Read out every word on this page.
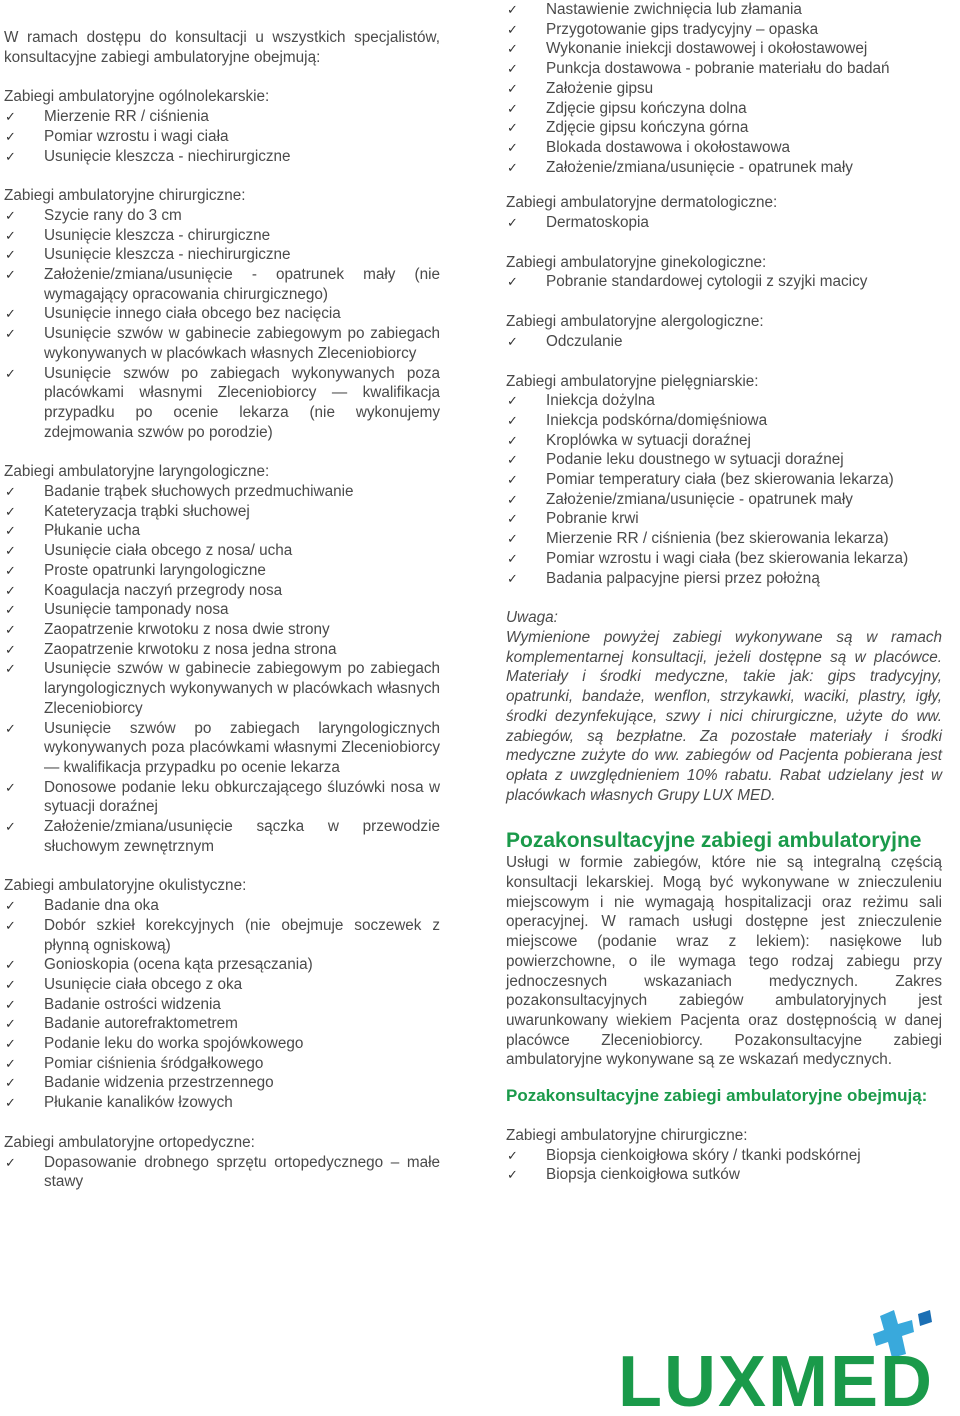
W ramach dostępu do konsultacji u wszystkich specjalistów, konsultacyjne zabiegi ambulatoryjne obejmują:

Zabiegi ambulatoryjne ogólnolekarskie:
✓ Mierzenie RR / ciśnienia
✓ Pomiar wzrostu i wagi ciała
✓ Usunięcie kleszcza - niechirurgiczne
Zabiegi ambulatoryjne chirurgiczne:
✓ Szycie rany do 3 cm
✓ Usunięcie kleszcza - chirurgiczne
✓ Usunięcie kleszcza - niechirurgiczne
✓ Założenie/zmiana/usunięcie - opatrunek mały (nie wymagający opracowania chirurgicznego)
✓ Usunięcie innego ciała obcego bez nacięcia
✓ Usunięcie szwów w gabinecie zabiegowym po zabiegach wykonywanych w placówkach własnych Zleceniobiorcy
✓ Usunięcie szwów po zabiegach wykonywanych poza placówkami własnymi Zleceniobiorcy — kwalifikacja przypadku po ocenie lekarza (nie wykonujemy zdejmowania szwów po porodzie)
Zabiegi ambulatoryjne laryngologiczne:
✓ Badanie trąbek słuchowych przedmuchiwanie
✓ Kateteryzacja trąbki słuchowej
✓ Płukanie ucha
✓ Usunięcie ciała obcego z nosa/ ucha
✓ Proste opatrunki laryngologiczne
✓ Koagulacja naczyń przegrody nosa
✓ Usunięcie tamponady nosa
✓ Zaopatrzenie krwotoku z nosa dwie strony
✓ Zaopatrzenie krwotoku z nosa jedna strona
✓ Usunięcie szwów w gabinecie zabiegowym po zabiegach laryngologicznych wykonywanych w placówkach własnych Zleceniobiorcy
✓ Usunięcie szwów po zabiegach laryngologicznych wykonywanych poza placówkami własnymi Zleceniobiorcy — kwalifikacja przypadku po ocenie lekarza
✓ Donosowe podanie leku obkurczającego śluzówki nosa w sytuacji doraźnej
✓ Założenie/zmiana/usunięcie sączka w przewodzie słuchowym zewnętrznym
Zabiegi ambulatoryjne okulistyczne:
✓ Badanie dna oka
✓ Dobór szkieł korekcyjnych (nie obejmuje soczewek z płynną ogniskową)
✓ Gonioskopia (ocena kąta przesączania)
✓ Usunięcie ciała obcego z oka
✓ Badanie ostrości widzenia
✓ Badanie autorefraktometrem
✓ Podanie leku do worka spojówkowego
✓ Pomiar ciśnienia śródgałkowego
✓ Badanie widzenia przestrzennego
✓ Płukanie kanalików łzowych
Zabiegi ambulatoryjne ortopedyczne:
✓ Dopasowanie drobnego sprzętu ortopedycznego – małe stawy
✓ Nastawienie zwichnięcia lub złamania
✓ Przygotowanie gips tradycyjny – opaska
✓ Wykonanie iniekcji dostawowej i okołostawowej
✓ Punkcja dostawowa - pobranie materiału do badań
✓ Założenie gipsu
✓ Zdjęcie gipsu kończyna dolna
✓ Zdjęcie gipsu kończyna górna
✓ Blokada dostawowa i okołostawowa
✓ Założenie/zmiana/usunięcie - opatrunek mały
Zabiegi ambulatoryjne dermatologiczne:
✓ Dermatoskopia
Zabiegi ambulatoryjne ginekologiczne:
✓ Pobranie standardowej cytologii z szyjki macicy
Zabiegi ambulatoryjne alergologiczne:
✓ Odczulanie
Zabiegi ambulatoryjne pielęgniarskie:
✓ Iniekcja dożylna
✓ Iniekcja podskórna/domięśniowa
✓ Kroplówka w sytuacji doraźnej
✓ Podanie leku doustnego w sytuacji doraźnej
✓ Pomiar temperatury ciała (bez skierowania lekarza)
✓ Założenie/zmiana/usunięcie - opatrunek mały
✓ Pobranie krwi
✓ Mierzenie RR / ciśnienia (bez skierowania lekarza)
✓ Pomiar wzrostu i wagi ciała (bez skierowania lekarza)
✓ Badania palpacyjne piersi przez położną
Uwaga:
Wymienione powyżej zabiegi wykonywane są w ramach komplementarnej konsultacji, jeżeli dostępne są w placówce. Materiały i środki medyczne, takie jak: gips tradycyjny, opatrunki, bandaże, wenflon, strzykawki, waciki, plastry, igły, środki dezynfekujące, szwy i nici chirurgiczne, użyte do ww. zabiegów, są bezpłatne. Za pozostałe materiały i środki medyczne zużyte do ww. zabiegów od Pacjenta pobierana jest opłata z uwzględnieniem 10% rabatu. Rabat udzielany jest w placówkach własnych Grupy LUX MED.
Pozakonsultacyjne zabiegi ambulatoryjne

Usługi w formie zabiegów, które nie są integralną częścią konsultacji lekarskiej. Mogą być wykonywane w znieczuleniu miejscowym i nie wymagają hospitalizacji oraz reżimu sali operacyjnej. W ramach usługi dostępne jest znieczulenie miejscowe (podanie wraz z lekiem): nasiękowe lub powierzchowne, o ile wymaga tego rodzaj zabiegu przy jednoczesnych wskazaniach medycznych. Zakres pozakonsultacyjnych zabiegów ambulatoryjnych jest uwarunkowany wiekiem Pacjenta oraz dostępnością w danej placówce Zleceniobiorcy. Pozakonsultacyjne zabiegi ambulatoryjne wykonywane są ze wskazań medycznych.

Pozakonsultacyjne zabiegi ambulatoryjne obejmują:
Zabiegi ambulatoryjne chirurgiczne:
✓ Biopsja cienkoigłowa skóry / tkanki podskórnej
✓ Biopsja cienkoigłowa sutków
LUXMED
